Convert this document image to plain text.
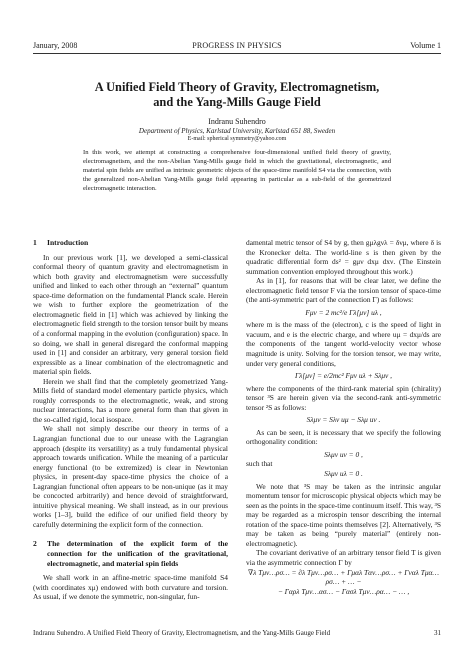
January, 2008	PROGRESS IN PHYSICS	Volume 1
A Unified Field Theory of Gravity, Electromagnetism,
and the Yang-Mills Gauge Field
Indranu Suhendro
Department of Physics, Karlstad University, Karlstad 651 88, Sweden
E-mail: spherical symmetry@yahoo.com
In this work, we attempt at constructing a comprehensive four-dimensional unified field theory of gravity, electromagnetism, and the non-Abelian Yang-Mills gauge field in which the gravitational, electromagnetic, and material spin fields are unified as intrinsic geometric objects of the space-time manifold S4 via the connection, with the generalized non-Abelian Yang-Mills gauge field appearing in particular as a sub-field of the geometrized electromagnetic interaction.
1	Introduction

In our previous work [1], we developed a semi-classical conformal theory of quantum gravity and electromagnetism in which both gravity and electromagnetism were successfully unified and linked to each other through an “external” quantum space-time deformation on the fundamental Planck scale. Herein we wish to further explore the geometrization of the electromagnetic field in [1] which was achieved by linking the electromagnetic field strength to the torsion tensor built by means of a conformal mapping in the evolution (configuration) space. In so doing, we shall in general disregard the conformal mapping used in [1] and consider an arbitrary, very general torsion field expressible as a linear combination of the electromagnetic and material spin fields.

Herein we shall find that the completely geometrized Yang-Mills field of standard model elementary particle physics, which roughly corresponds to the electromagnetic, weak, and strong nuclear interactions, has a more general form than that given in the so-called rigid, local isospace.

We shall not simply describe our theory in terms of a Lagrangian functional due to our unease with the Lagrangian approach (despite its versatility) as a truly fundamental physical approach towards unification. While the meaning of a particular energy functional (to be extremized) is clear in Newtonian physics, in present-day space-time physics the choice of a Lagrangian functional often appears to be non-unique (as it may be concocted arbitrarily) and hence devoid of straightforward, intuitive physical meaning. We shall instead, as in our previous works [1–3], build the edifice of our unified field theory by carefully determining the explicit form of the connection.

2	The determination of the explicit form of the connection for the unification of the gravitational, electromagnetic, and material spin fields

We shall work in an affine-metric space-time manifold S4 (with coordinates xμ) endowed with both curvature and torsion. As usual, if we denote the symmetric, non-singular, fun-

damental metric tensor of S4 by g, then gμλgνλ = δνμ, where δ is the Kronecker delta. The world-line s is then given by the quadratic differential form ds² = gμν dxμ dxν. (The Einstein summation convention employed throughout this work.)

As in [1], for reasons that will be clear later, we define the electromagnetic field tensor F via the torsion tensor of space-time (the anti-symmetric part of the connection Γ) as follows:

Fμν = 2 mc²/e Γλ[μν] uλ ,

where m is the mass of the (electron), c is the speed of light in vacuum, and e is the electric charge, and where uμ = dxμ/ds are the components of the tangent world-velocity vector whose magnitude is unity. Solving for the torsion tensor, we may write, under very general conditions,

Γλ[μν] = e/2mc² Fμν uλ + Sλμν ,

where the components of the third-rank material spin (chirality) tensor ³S are herein given via the second-rank anti-symmetric tensor ²S as follows:

Sλμν = Sλν uμ − Sλμ uν .

As can be seen, it is necessary that we specify the following orthogonality condition:

Sλμν uν = 0 ,

such that

Sλμν uλ = 0 .

We note that ³S may be taken as the intrinsic angular momentum tensor for microscopic physical objects which may be seen as the points in the space-time continuum itself. This way, ³S may be regarded as a microspin tensor describing the internal rotation of the space-time points themselves [2]. Alternatively, ³S may be taken as being “purely material” (entirely non-electromagnetic).

The covariant derivative of an arbitrary tensor field T is given via the asymmetric connection Γ by

∇λ Tμν…ρσ… = ∂λ Tμν…ρσ… + Γμαλ Tαν…ρσ… + Γναλ Tμα…ρσ… + … −
− Γαρλ Tμν…ασ… − Γασλ Tμν…ρα… − … ,
Indranu Suhendro. A Unified Field Theory of Gravity, Electromagnetism, and the Yang-Mills Gauge Field	31
